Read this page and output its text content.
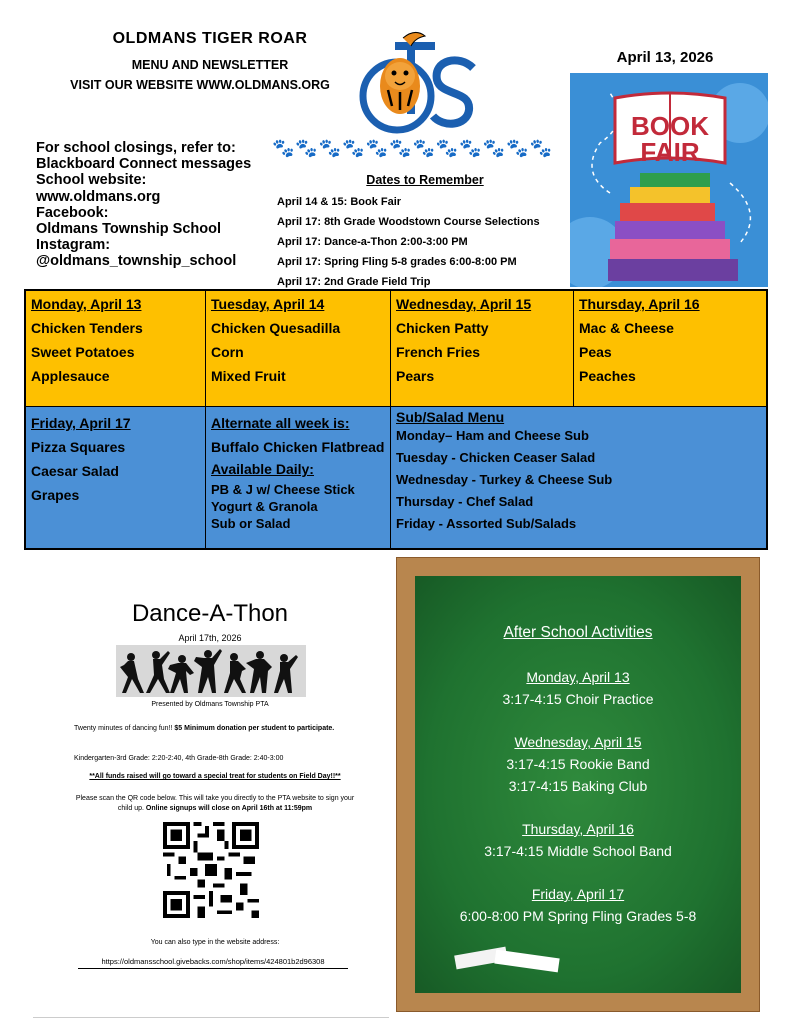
OLDMANS TIGER ROAR
MENU AND NEWSLETTER
VISIT OUR WEBSITE WWW.OLDMANS.ORG
April 13, 2026
OTS
BOOK
FAIR
For school closings, refer to:
Blackboard Connect messages
School website:
www.oldmans.org
Facebook:
Oldmans Township School
Instagram:
@oldmans_township_school
🐾🐾🐾🐾🐾🐾🐾🐾🐾🐾🐾🐾
Dates to Remember
April 14 & 15: Book Fair
April 17: 8th Grade Woodstown Course Selections
April 17: Dance-a-Thon 2:00-3:00 PM
April 17: Spring Fling 5-8 grades 6:00-8:00 PM
April 17: 2nd Grade Field Trip
Monday, April 13
Chicken Tenders
Sweet Potatoes
Applesauce
Tuesday, April 14
Chicken Quesadilla
Corn
Mixed Fruit
Wednesday, April 15
Chicken Patty
French Fries
Pears
Thursday, April 16
Mac & Cheese
Peas
Peaches
Friday, April 17
Pizza Squares
Caesar Salad
Grapes
Alternate all week is:
Buffalo Chicken Flatbread
Available Daily:
PB & J w/ Cheese Stick
Yogurt & Granola
Sub or Salad
Sub/Salad Menu
Monday– Ham and Cheese Sub
Tuesday - Chicken Ceaser Salad
Wednesday - Turkey & Cheese Sub
Thursday - Chef Salad
Friday - Assorted Sub/Salads
Dance-A-Thon
April 17th, 2026
Presented by Oldmans Township PTA
Twenty minutes of dancing fun!! $5 Minimum donation per student to participate.
Kindergarten-3rd Grade: 2:20-2:40, 4th Grade-8th Grade: 2:40-3:00
**All funds raised will go toward a special treat for students on Field Day!!**
Please scan the QR code below. This will take you directly to the PTA website to sign your child up. Online signups will close on April 16th at 11:59pm
You can also type in the website address:
https://oldmansschool.givebacks.com/shop/items/424801b2d96308
After School Activities
Monday, April 13
3:17-4:15 Choir Practice
Wednesday, April 15
3:17-4:15 Rookie Band
3:17-4:15 Baking Club
Thursday, April 16
3:17-4:15 Middle School Band
Friday, April 17
6:00-8:00 PM Spring Fling Grades 5-8
